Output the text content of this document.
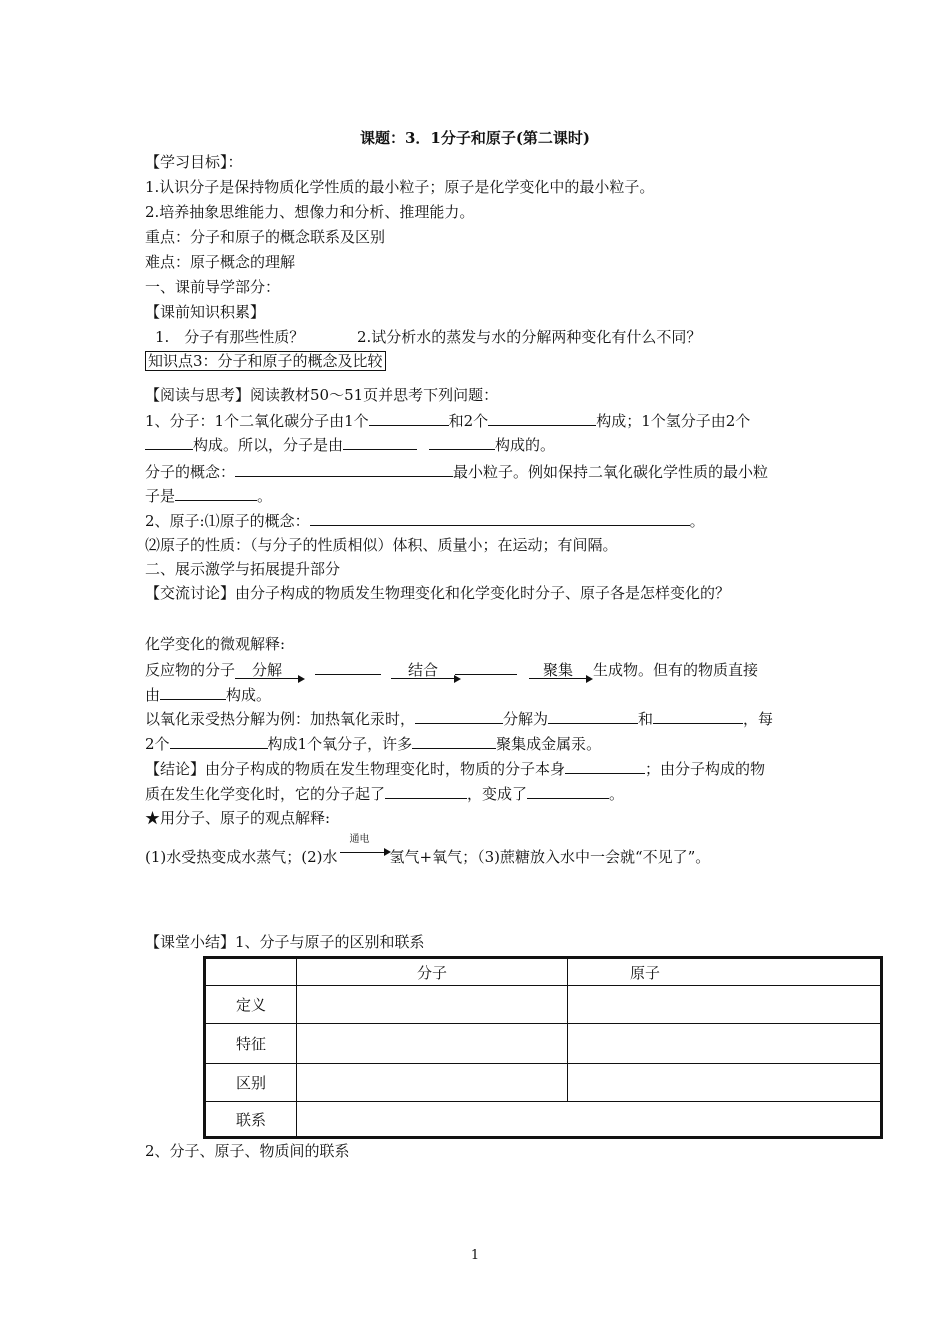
课题：3．1分子和原子(第二课时)
【学习目标】：
1.认识分子是保持物质化学性质的最小粒子；原子是化学变化中的最小粒子。
2.培养抽象思维能力、想像力和分析、推理能力。
重点：分子和原子的概念联系及区别
难点：原子概念的理解
一、课前导学部分：
【课前知识积累】
1.　分子有那些性质？	2.试分析水的蒸发与水的分解两种变化有什么不同？
知识点3：分子和原子的概念及比较
【阅读与思考】阅读教材50～51页并思考下列问题：
1、分子：1个二氧化碳分子由1个	和2个	构成；1个氢分子由2个
构成。所以，分子是由	构成的。
分子的概念：	最小粒子。例如保持二氧化碳化学性质的最小粒
子是	。
2、原子:⑴原子的概念：	。
⑵原子的性质：（与分子的性质相似）体积、质量小；在运动；有间隔。
二、展示激学与拓展提升部分
【交流讨论】由分子构成的物质发生物理变化和化学变化时分子、原子各是怎样变化的？
化学变化的微观解释:
反应物的分子 分解	结合	聚集 生成物。但有的物质直接
由	构成。
以氧化汞受热分解为例：加热氧化汞时，	分解为	和	，每
2个	构成1个氧分子，许多	聚集成金属汞。
【结论】由分子构成的物质在发生物理变化时，物质的分子本身	；由分子构成的物
质在发生化学变化时，它的分子起了	，变成了	。
★用分子、原子的观点解释:
(1)水受热变成水蒸气；(2)水
通电
氢气+氧气；（3)蔗糖放入水中一会就“不见了”。
【课堂小结】1、分子与原子的区别和联系
	分子	原子
定义		
特征		
区别		
联系		
2、分子、原子、物质间的联系
1
